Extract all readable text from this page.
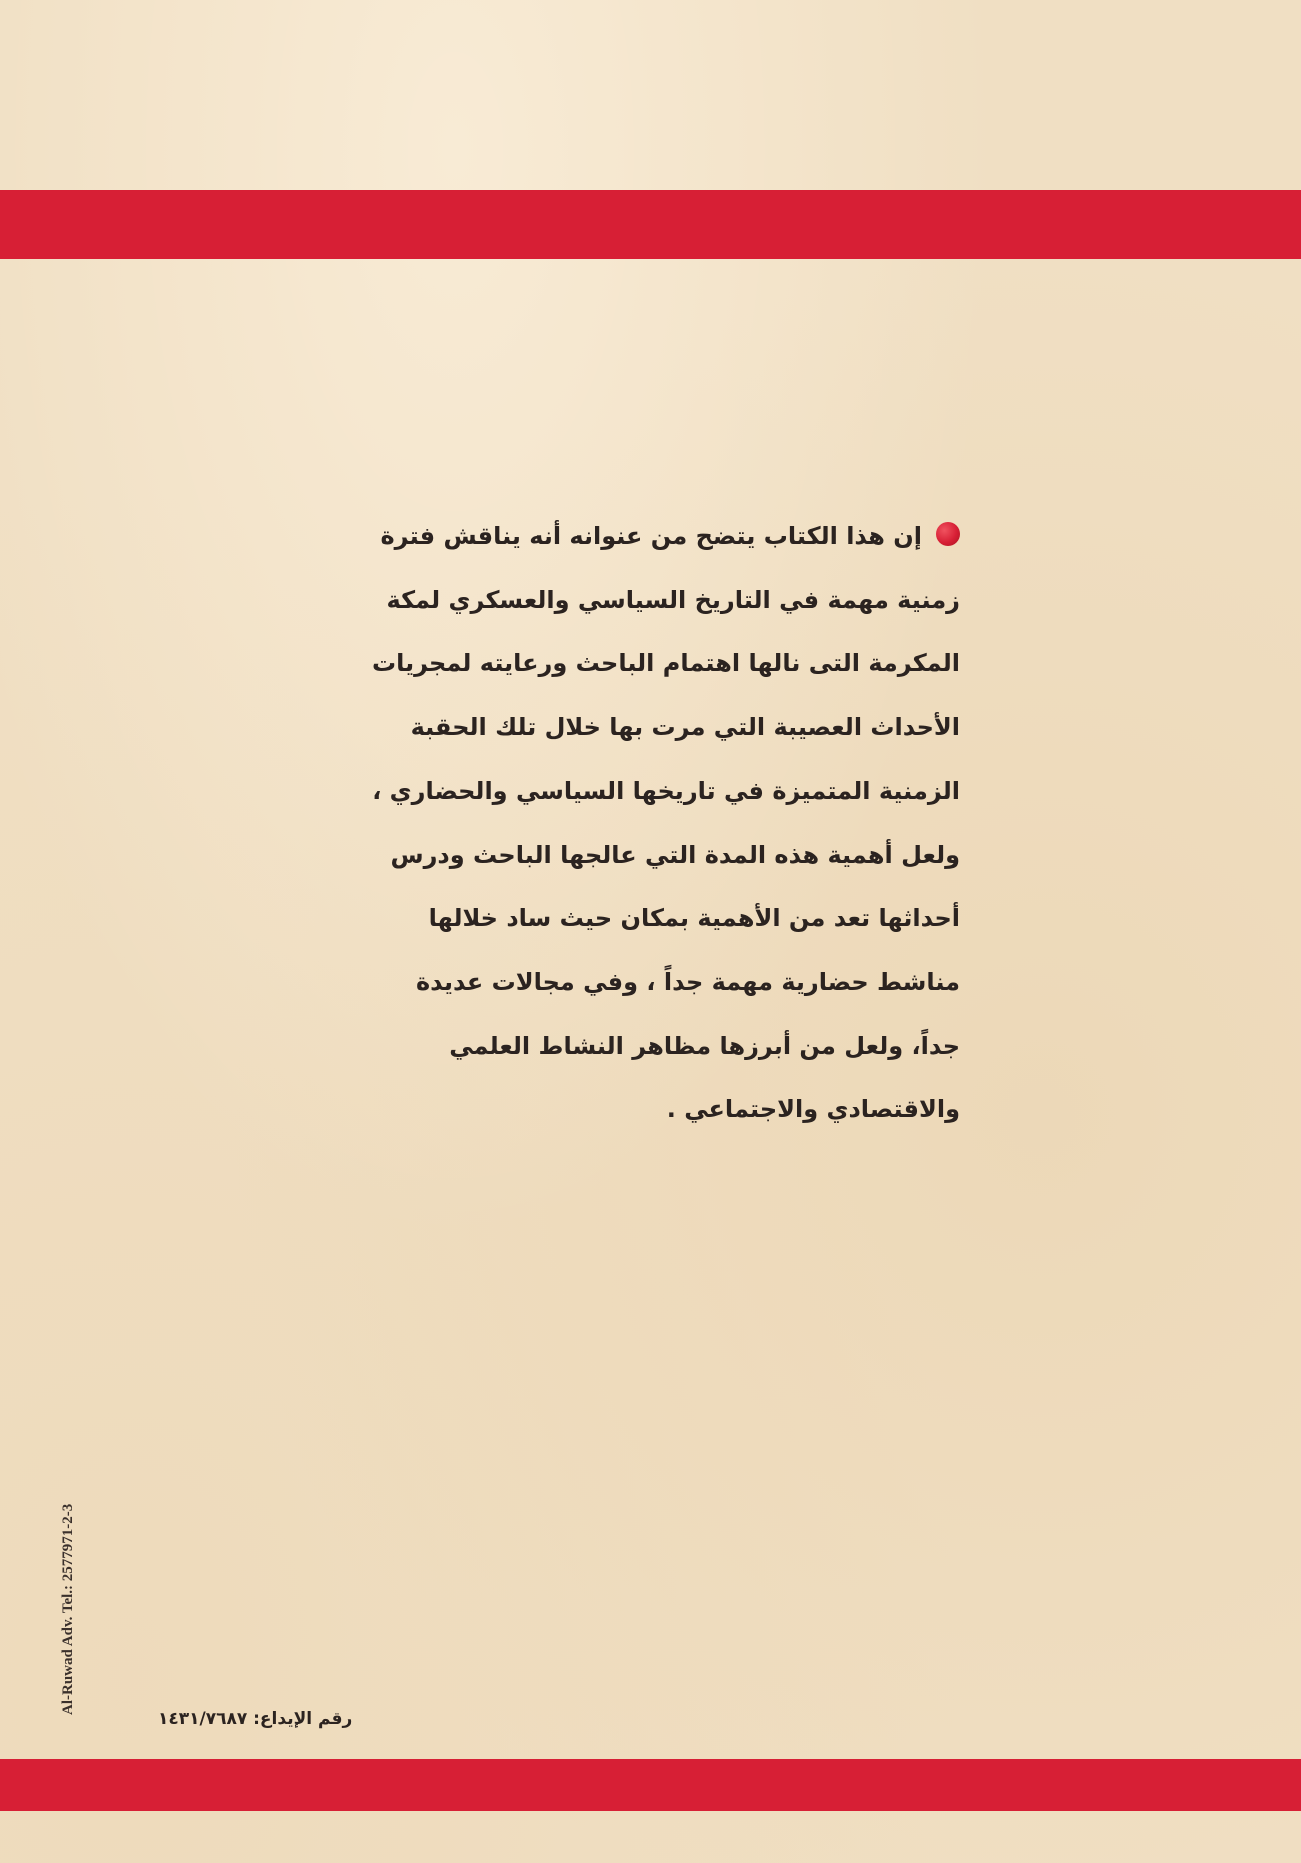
إن هذا الكتاب يتضح من عنوانه أنه يناقش فترة
زمنية مهمة في التاريخ السياسي والعسكري لمكة
المكرمة التى نالها اهتمام الباحث ورعايته لمجريات
الأحداث العصيبة التي مرت بها خلال تلك الحقبة
الزمنية المتميزة في تاريخها السياسي والحضاري ،
ولعل أهمية هذه المدة التي عالجها الباحث ودرس
أحداثها تعد من الأهمية بمكان حيث ساد خلالها
مناشط حضارية مهمة جداً ، وفي مجالات عديدة
جداً، ولعل من أبرزها مظاهر النشاط العلمي
والاقتصادي والاجتماعي .
Al-Ruwad Adv. Tel.: 2577971-2-3
رقم الإيداع: ١٤٣١/٧٦٨٧
